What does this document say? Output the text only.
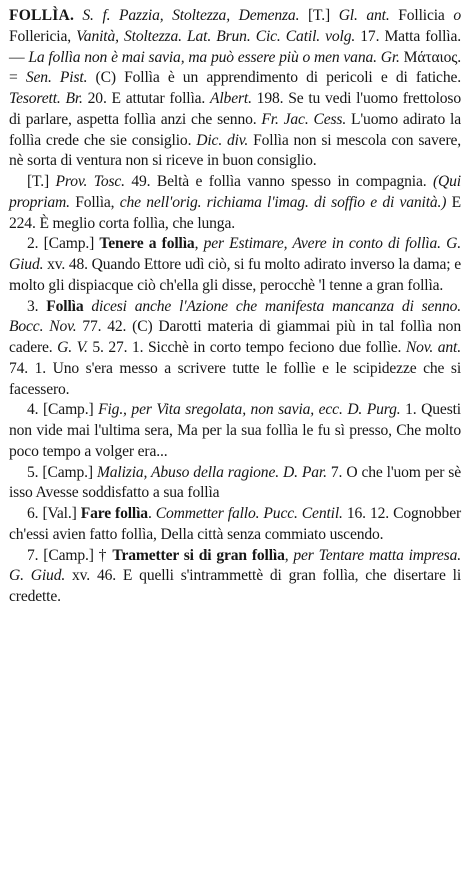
FOLLÌA. S. f. Pazzia, Stoltezza, Demenza. [T.] Gl. ant. Follicia o Follericia, Vanità, Stoltezza. Lat. Brun. Cic. Catil. volg. 17. Matta follìa. — La follìa non è mai savia, ma può essere più o men vana. Gr. Μάταιος. = Sen. Pist. (C) Follìa è un apprendimento di pericoli e di fatiche. Tesorett. Br. 20. E attutar follìa. Albert. 198. Se tu vedi l'uomo frettoloso di parlare, aspetta follìa anzi che senno. Fr. Jac. Cess. L'uomo adirato la follìa crede che sie consiglio. Dic. div. Follìa non si mescola con savere, nè sorta di ventura non si riceve in buon consiglio.

[T.] Prov. Tosc. 49. Beltà e follìa vanno spesso in compagnia. (Qui propriam. Follìa, che nell'orig. richiama l'imag. di soffio e di vanità.) E 224. È meglio corta follìa, che lunga.

2. [Camp.] Tenere a follìa, per Estimare, Avere in conto di follìa. G. Giud. xv. 48. Quando Ettore udì ciò, si fu molto adirato inverso la dama; e molto gli dispiacque ciò ch'ella gli disse, perocchè 'l tenne a gran follìa.

3. Follìa dicesi anche l'Azione che manifesta mancanza di senno. Bocc. Nov. 77. 42. (C) Darotti materia di giammai più in tal follìa non cadere. G. V. 5. 27. 1. Sicchè in corto tempo feciono due follìe. Nov. ant. 74. 1. Uno s'era messo a scrivere tutte le follìe e le scipidezze che si facessero.

4. [Camp.] Fig., per Vita sregolata, non savia, ecc. D. Purg. 1. Questi non vide mai l'ultima sera, Ma per la sua follìa le fu sì presso, Che molto poco tempo a volger era...

5. [Camp.] Malizia, Abuso della ragione. D. Par. 7. O che l'uom per sè isso Avesse soddisfatto a sua follìa

6. [Val.] Fare follìa. Commetter fallo. Pucc. Centil. 16. 12. Cognobber ch'essi avien fatto follìa, Della città senza commiato uscendo.

7. [Camp.] † Trametter si di gran follìa, per Tentare matta impresa. G. Giud. xv. 46. E quelli s'intrammettè di gran follìa, che disertare li credette.
